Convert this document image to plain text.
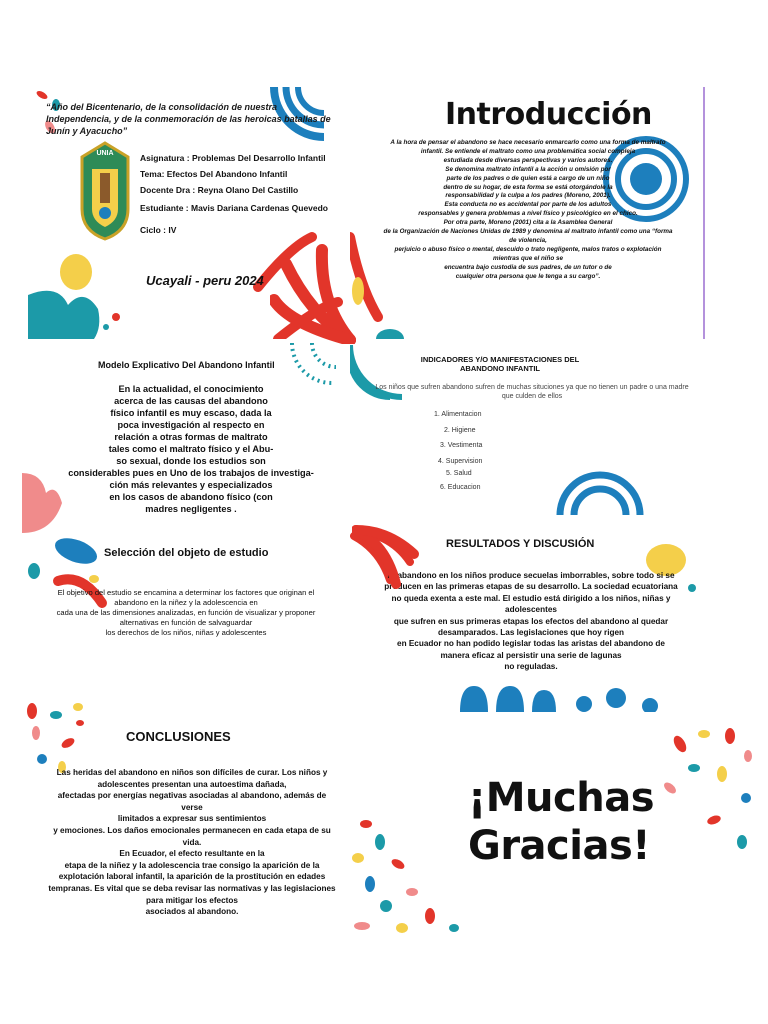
“Año del Bicentenario, de la consolidación de nuestra Independencia, y de la conmemoración de las heroicas batallas de Junín y Ayacucho”
UNIA	Asignatura : Problemas Del Desarrollo Infantil
Tema: Efectos Del Abandono Infantil
Docente Dra : Reyna Olano Del Castillo
Estudiante : Mavis Dariana Cardenas Quevedo
Ciclo : IV
Ucayali - peru 2024
Introducción

A la hora de pensar el abandono se hace necesario enmarcarlo como una forma de maltrato

infantil. Se entiende el maltrato como una problemática social compleja

estudiada desde diversas perspectivas y varios autores.

Se denomina maltrato infantil a la acción u omisión por

parte de los padres o de quien está a cargo de un niño

dentro de su hogar, de esta forma se está otorgándole la

responsabilidad y la culpa a los padres (Moreno, 2001).

Esta conducta no es accidental por parte de los adultos

responsables y genera problemas a nivel físico y psicológico en el chico.

Por otra parte, Moreno (2001) cita a la Asamblea General

de la Organización de Naciones Unidas de 1989 y denomina al maltrato infantil como una “forma

de violencia,

perjuicio o abuso físico o mental, descuido o trato negligente, malos tratos o explotación

mientras que el niño se

encuentra bajo custodia de sus padres, de un tutor o de

cualquier otra persona que le tenga a su cargo”.

Modelo Explicativo Del Abandono Infantil

En la actualidad, el conocimiento

acerca de las causas del abandono

físico infantil es muy escaso, dada la

poca investigación al respecto en

relación a otras formas de maltrato

tales como el maltrato físico y el Abu-

so sexual, donde los estudios son

considerables pues en Uno de los trabajos de investiga-

ción más relevantes y especializados

en los casos de abandono físico (con

madres negligentes .

INDICADORES Y/O MANIFESTACIONES DEL ABANDONO INFANTIL
Los niños que sufren abandono sufren de muchas situciones ya que no tienen un padre o una madre que culden de ellos
1. Alimentacion
2. Higiene
3. Vestimenta
4. Supervision
5. Salud
6. Educacion
Selección del objeto de estudio

El objetivo del estudio se encamina a determinar los factores que originan el

abandono en la niñez y la adolescencia en

cada una de las dimensiones analizadas, en función de visualizar y proponer

alternativas en función de salvaguardar

los derechos de los niños, niñas y adolescentes

RESULTADOS Y DISCUSIÓN

El abandono en los niños produce secuelas imborrables, sobre todo si se

producen en las primeras etapas de su desarrollo. La sociedad ecuatoriana

no queda exenta a este mal. El estudio está dirigido a los niños, niñas y

adolescentes

que sufren en sus primeras etapas los efectos del abandono al quedar

desamparados. Las legislaciones que hoy rigen

en Ecuador no han podido legislar todas las aristas del abandono de

manera eficaz al persistir una serie de lagunas

no reguladas.

CONCLUSIONES

Las heridas del abandono en niños son difíciles de curar. Los niños y

adolescentes presentan una autoestima dañada,

afectadas por energías negativas asociadas al abandono, además de verse

limitados a expresar sus sentimientos

y emociones. Los daños emocionales permanecen en cada etapa de su vida.

En Ecuador, el efecto resultante en la

etapa de la niñez y la adolescencia trae consigo la aparición de la

explotación laboral infantil, la aparición de la prostitución en edades

tempranas. Es vital que se deba revisar las normativas y las legislaciones

para mitigar los efectos

asociados al abandono.

¡Muchas
Gracias!
